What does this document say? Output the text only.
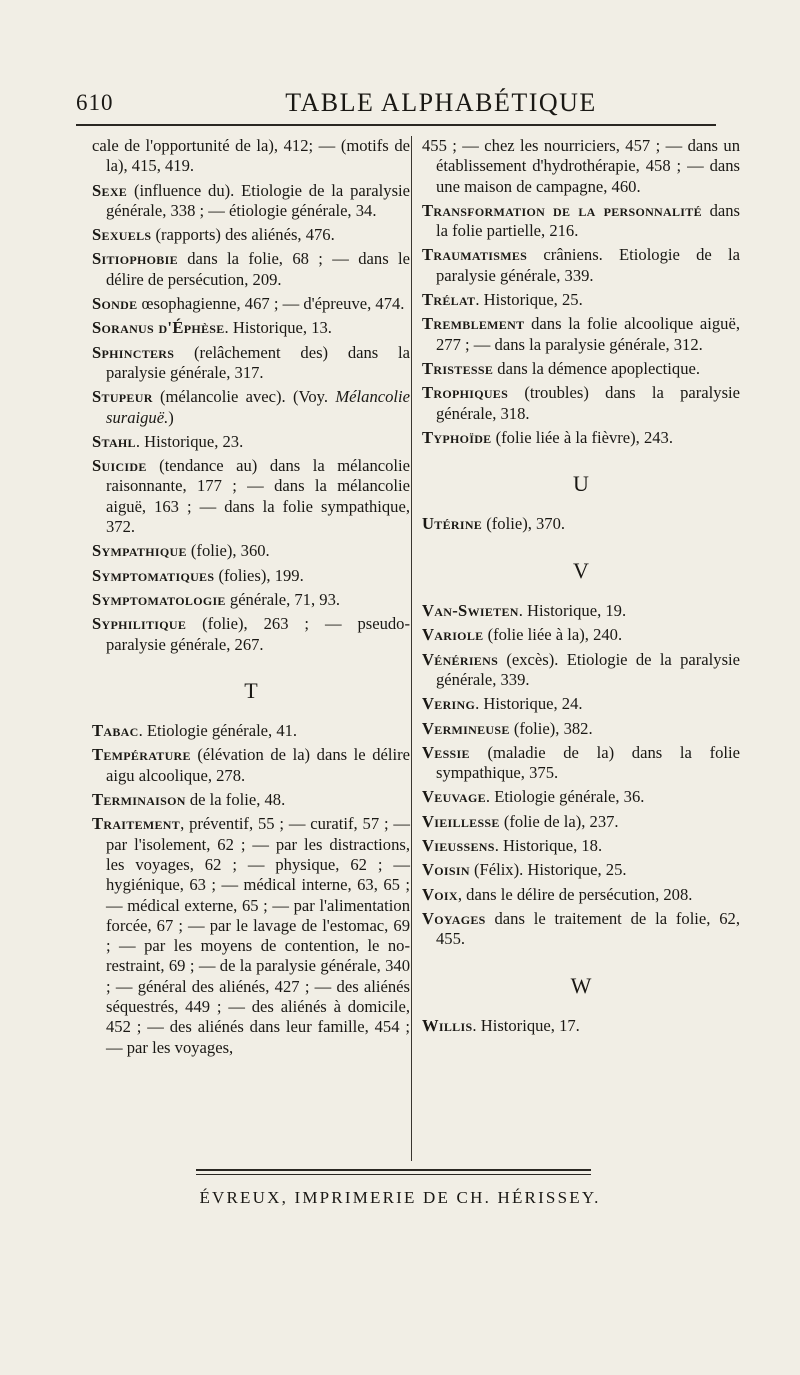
610	TABLE ALPHABÉTIQUE

cale de l'opportunité de la), 412; — (motifs de la), 415, 419.

Sexe (influence du). Etiologie de la paralysie générale, 338 ; — étiologie générale, 34.

Sexuels (rapports) des aliénés, 476.

Sitiophobie dans la folie, 68 ; — dans le délire de persécution, 209.

Sonde œsophagienne, 467 ; — d'épreuve, 474.

Soranus d'Éphèse. Historique, 13.

Sphincters (relâchement des) dans la paralysie générale, 317.

Stupeur (mélancolie avec). (Voy. Mélancolie suraiguë.)

Stahl. Historique, 23.

Suicide (tendance au) dans la mélancolie raisonnante, 177 ; — dans la mélancolie aiguë, 163 ; — dans la folie sympathique, 372.

Sympathique (folie), 360.

Symptomatiques (folies), 199.

Symptomatologie générale, 71, 93.

Syphilitique (folie), 263 ; — pseudo-paralysie générale, 267.

T

Tabac. Etiologie générale, 41.

Température (élévation de la) dans le délire aigu alcoolique, 278.

Terminaison de la folie, 48.

Traitement, préventif, 55 ; — curatif, 57 ; — par l'isolement, 62 ; — par les distractions, les voyages, 62 ; — physique, 62 ; — hygiénique, 63 ; — médical interne, 63, 65 ; — médical externe, 65 ; — par l'alimentation forcée, 67 ; — par le lavage de l'estomac, 69 ; — par les moyens de contention, le no-restraint, 69 ; — de la paralysie générale, 340 ; — général des aliénés, 427 ; — des aliénés séquestrés, 449 ; — des aliénés à domicile, 452 ; — des aliénés dans leur famille, 454 ; — par les voyages,

455 ; — chez les nourriciers, 457 ; — dans un établissement d'hydrothérapie, 458 ; — dans une maison de campagne, 460.

Transformation de la personnalité dans la folie partielle, 216.

Traumatismes crâniens. Etiologie de la paralysie générale, 339.

Trélat. Historique, 25.

Tremblement dans la folie alcoolique aiguë, 277 ; — dans la paralysie générale, 312.

Tristesse dans la démence apoplectique.

Trophiques (troubles) dans la paralysie générale, 318.

Typhoïde (folie liée à la fièvre), 243.

U

Utérine (folie), 370.

V

Van-Swieten. Historique, 19.

Variole (folie liée à la), 240.

Vénériens (excès). Etiologie de la paralysie générale, 339.

Vering. Historique, 24.

Vermineuse (folie), 382.

Vessie (maladie de la) dans la folie sympathique, 375.

Veuvage. Etiologie générale, 36.

Vieillesse (folie de la), 237.

Vieussens. Historique, 18.

Voisin (Félix). Historique, 25.

Voix, dans le délire de persécution, 208.

Voyages dans le traitement de la folie, 62, 455.

W

Willis. Historique, 17.

ÉVREUX, IMPRIMERIE DE CH. HÉRISSEY.
